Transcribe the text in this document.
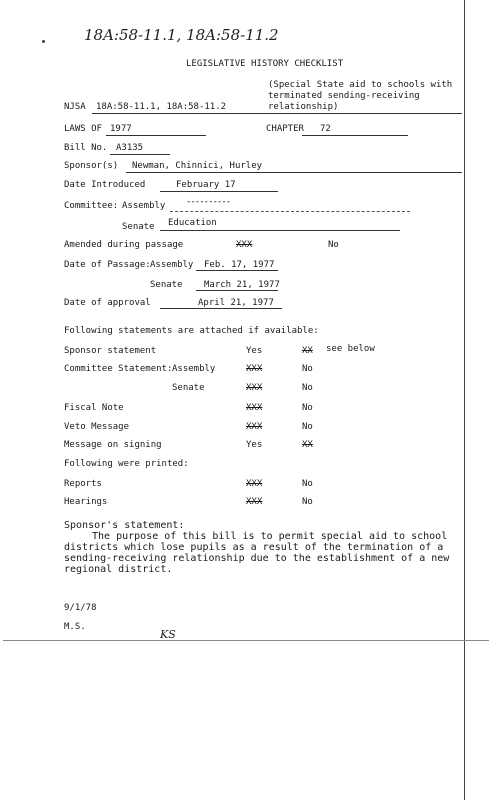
18A:58-11.1, 18A:58-11.2
LEGISLATIVE HISTORY CHECKLIST
(Special State aid to schools with terminated sending-receiving relationship)
NJSA 18A:58-11.1, 18A:58-11.2
LAWS OF 1977	CHAPTER 72
Bill No. A3135
Sponsor(s) Newman, Chinnici, Hurley
Date Introduced	February 17
Committee: Assembly ----------
Senate Education
Amended during passage	XXX	No
Date of Passage: Assembly Feb. 17, 1977
Senate March 21, 1977
Date of approval	April 21, 1977
Following statements are attached if available:
Sponsor statement	Yes	XX see below
Committee Statement: Assembly	XXX	No
Senate	XXX	No
Fiscal Note	XXX	No
Veto Message	XXX	No
Message on signing	Yes	XX
Following were printed:
Reports	XXX	No
Hearings	XXX	No
Sponsor's statement:
The purpose of this bill is to permit special aid to school
districts which lose pupils as a result of the termination of a
sending-receiving relationship due to the establishment of a new
regional district.
9/1/78
M.S.
KS
